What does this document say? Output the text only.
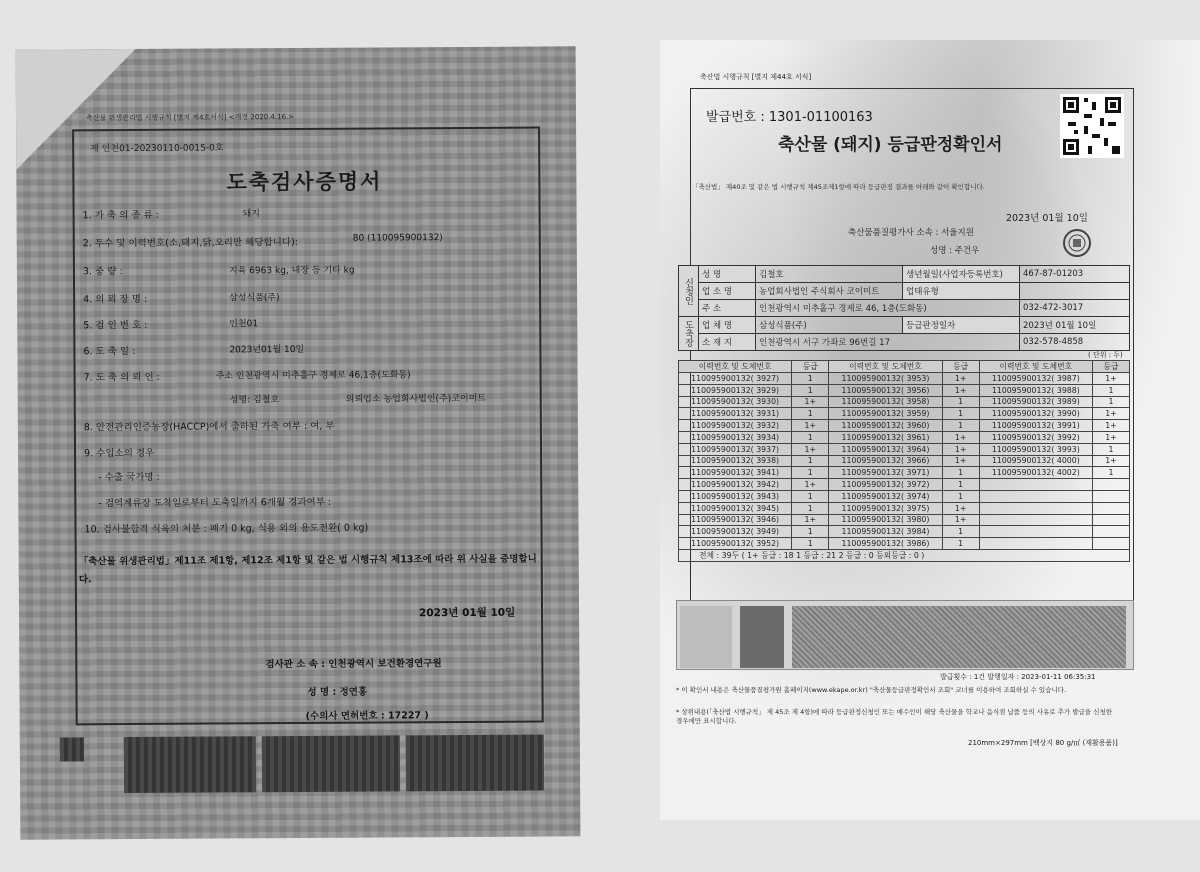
축산물 위생관리법 시행규칙 [별지 제4호서식] <개정 2020.4.16.>
제 인천01-20230110-0015-0호
도축검사증명서
1. 가 축 의 종 류 :	돼지
2. 두수 및 이력번호(소,돼지,닭,오리만 해당합니다):	80 (110095900132)
3. 중 량 :	지육 6963 kg, 내장 등 기타 kg
4. 의 뢰 장 명 :	삼성식품(주)
5. 검 인 번 호 :	인천01
6. 도 축 일 :	2023년01월 10일
7. 도 축 의 뢰 인 :	주소 인천광역시 미추홀구 경제로 46,1층(도화동)
성명: 김철호	의뢰업소 농업회사법인(주)코이미트
8. 안전관리인증농장(HACCP)에서 출하된 가축 여부 : 여, 부
9. 수입소의 경우
- 수출 국가명 :
- 검역계류장 도착일로부터 도축일까지 6개월 경과여부 :
10. 검사불합격 식육의 처분 : 폐기 0 kg, 식용 외의 용도전환( 0 kg)
「축산물 위생관리법」제11조 제1항, 제12조 제1항 및 같은 법 시행규칙 제13조에 따라 위 사실을 증명합니다.
2023년 01월 10일
검사관 소 속 : 인천광역시 보건환경연구원
성 명 : 정연홍
(수의사 면허번호 : 17227 )
축산법 시행규칙 [별지 제44호 서식]
발급번호 : 1301-01100163
축산물 (돼지) 등급판정확인서
「축산법」 제40조 및 같은 법 시행규칙 제45조제1항에 따라 등급판정 결과를 아래와 같이 확인합니다.
2023년 01월 10일
축산물품질평가사 소속 : 서울지원
성명 : 주건우
신청인	성 명	김철호	생년월일(사업자등록번호)	467-87-01203
	업 소 명	농업회사법인 주식회사 코이미트	업태유형	
	주 소	인천광역시 미추홀구 경제로 46, 1층(도화동)		032-472-3017
도축장	업 체 명	삼성식품(주)	등급판정일자	2023년 01월 10일
	소 재 지	인천광역시 서구 가좌로 96번길 17		032-578-4858
( 단위 : 두)
이력번호 및 도체번호	등급	이력번호 및 도체번호	등급	이력번호 및 도체번호	등급
110095900132( 3927)	1	110095900132( 3953)	1+	110095900132( 3987)	1+
110095900132( 3929)	1	110095900132( 3956)	1+	110095900132( 3988)	1
110095900132( 3930)	1+	110095900132( 3958)	1	110095900132( 3989)	1
110095900132( 3931)	1	110095900132( 3959)	1	110095900132( 3990)	1+
110095900132( 3932)	1+	110095900132( 3960)	1	110095900132( 3991)	1+
110095900132( 3934)	1	110095900132( 3961)	1+	110095900132( 3992)	1+
110095900132( 3937)	1+	110095900132( 3964)	1+	110095900132( 3993)	1
110095900132( 3938)	1	110095900132( 3966)	1+	110095900132( 4000)	1+
110095900132( 3941)	1	110095900132( 3971)	1	110095900132( 4002)	1
110095900132( 3942)	1+	110095900132( 3972)	1		
110095900132( 3943)	1	110095900132( 3974)	1		
110095900132( 3945)	1	110095900132( 3975)	1+		
110095900132( 3946)	1+	110095900132( 3980)	1+		
110095900132( 3949)	1	110095900132( 3984)	1		
110095900132( 3952)	1	110095900132( 3986)	1		
전체 : 39두 ( 1+ 등급 : 18 1 등급 : 21 2 등급 : 0 등외등급 : 0 )					
발급횟수 : 1건 발행일자 : 2023-01-11 06:35:31
* 이 확인서 내용은 축산물품질평가원 홈페이지(www.ekape.or.kr) "축산물등급판정확인서 조회" 코너를 이용하여 조회하실 수 있습니다.
* 상위내용(「축산법 시행규칙」 제 45조 제 4항)에 따라 등급판정신청인 또는 매수인이 해당 축산물을 학교나 음식점 납품 등의 사유로 추가 발급을 신청한 경우에만 표시합니다.
210mm×297mm [백상지 80 g/㎡ (재활용품)]
